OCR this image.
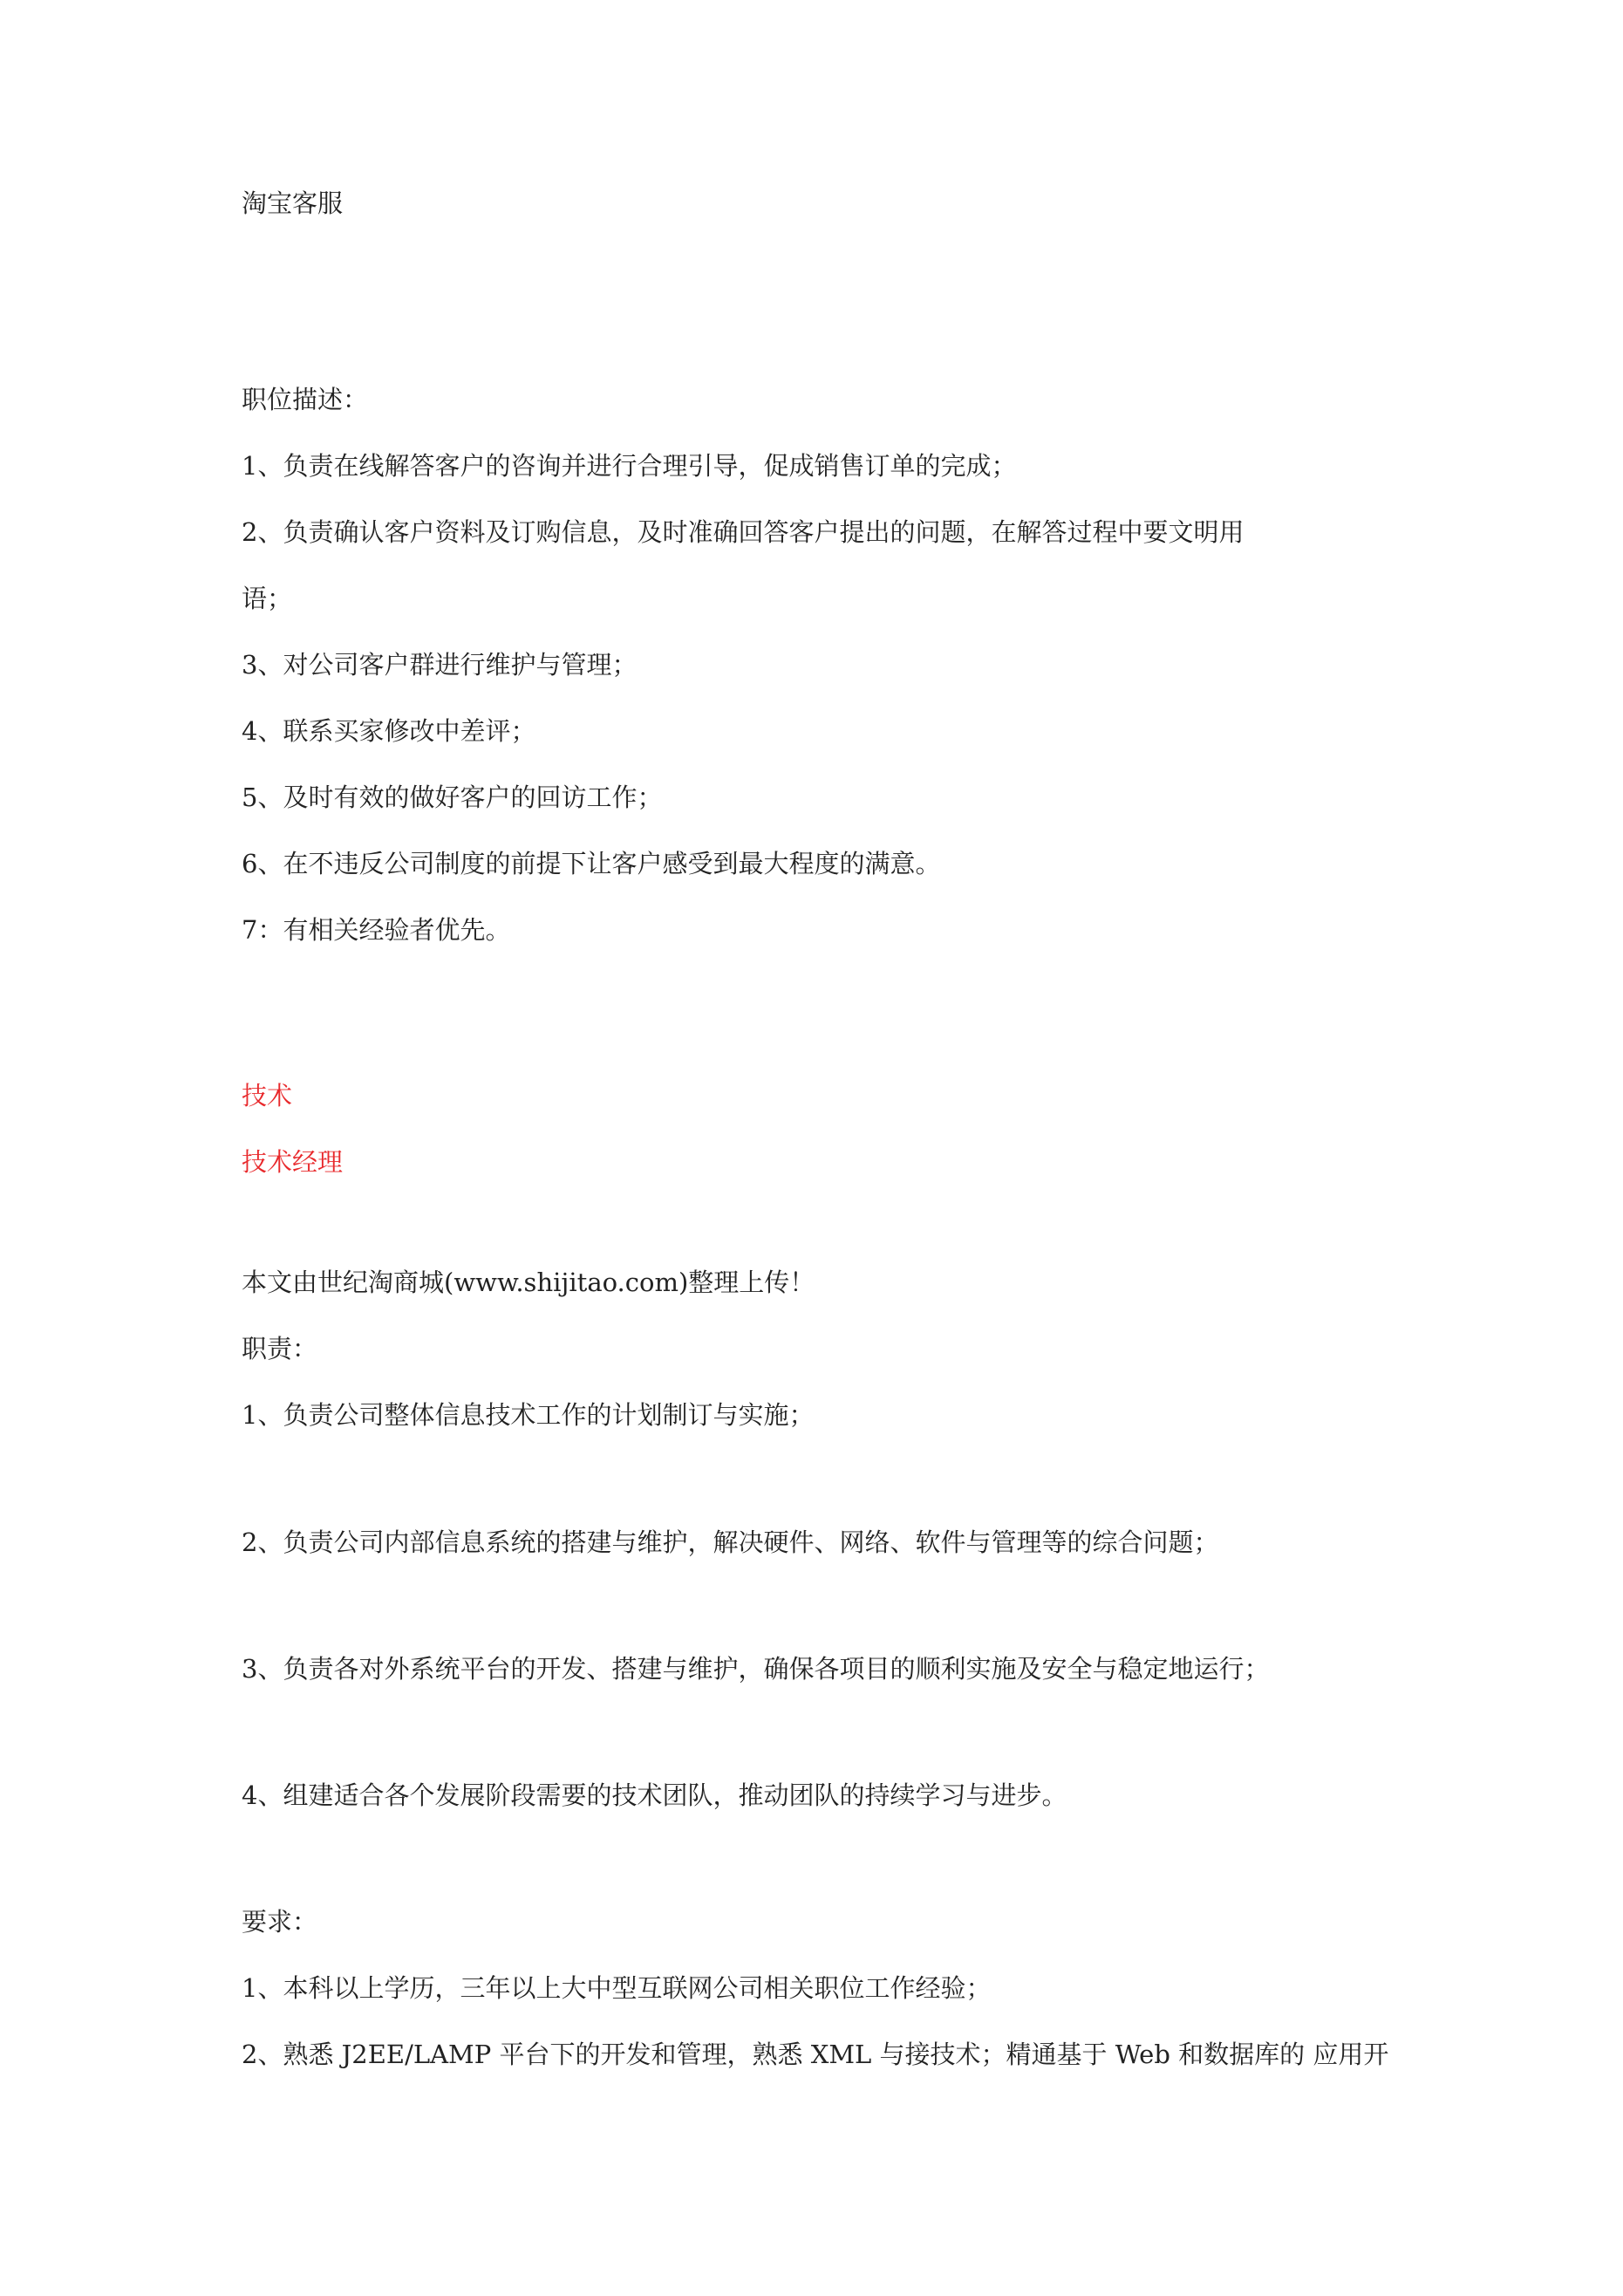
淘宝客服
职位描述：
1、负责在线解答客户的咨询并进行合理引导，促成销售订单的完成；
2、负责确认客户资料及订购信息，及时准确回答客户提出的问题，在解答过程中要文明用
语；
3、对公司客户群进行维护与管理；
4、联系买家修改中差评；
5、及时有效的做好客户的回访工作；
6、在不违反公司制度的前提下让客户感受到最大程度的满意。
7：有相关经验者优先。
技术
技术经理
本文由世纪淘商城(www.shijitao.com)整理上传！
职责：
1、负责公司整体信息技术工作的计划制订与实施；
2、负责公司内部信息系统的搭建与维护，解决硬件、网络、软件与管理等的综合问题；
3、负责各对外系统平台的开发、搭建与维护，确保各项目的顺利实施及安全与稳定地运行；
4、组建适合各个发展阶段需要的技术团队，推动团队的持续学习与进步。
要求：
1、本科以上学历，三年以上大中型互联网公司相关职位工作经验；
2、熟悉 J2EE/LAMP 平台下的开发和管理，熟悉 XML 与接技术；精通基于 Web 和数据库的 应用开
